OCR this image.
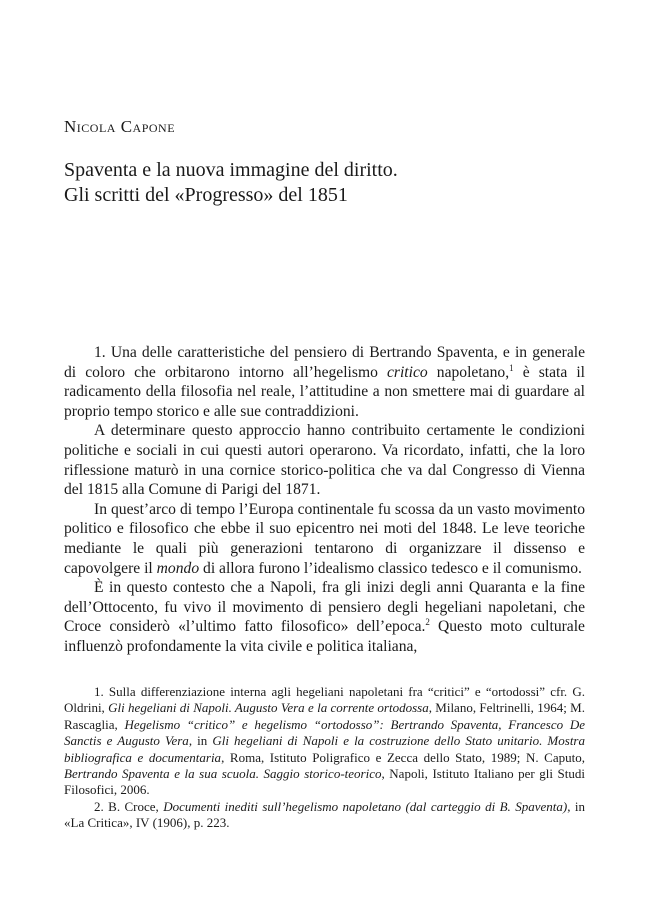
Nicola Capone
Spaventa e la nuova immagine del diritto.
Gli scritti del «Progresso» del 1851

1. Una delle caratteristiche del pensiero di Bertrando Spaventa, e in generale di coloro che orbitarono intorno all’hegelismo critico napoletano,$^1$ è stata il radicamento della filosofia nel reale, l’attitudine a non smettere mai di guardare al proprio tempo storico e alle sue contraddizioni.

A determinare questo approccio hanno contribuito certamente le condizioni politiche e sociali in cui questi autori operarono. Va ricordato, infatti, che la loro riflessione maturò in una cornice storico-politica che va dal Congresso di Vienna del 1815 alla Comune di Parigi del 1871.

In quest’arco di tempo l’Europa continentale fu scossa da un vasto movimento politico e filosofico che ebbe il suo epicentro nei moti del 1848. Le leve teoriche mediante le quali più generazioni tentarono di organizzare il dissenso e capovolgere il mondo di allora furono l’idealismo classico tedesco e il comunismo.

È in questo contesto che a Napoli, fra gli inizi degli anni Quaranta e la fine dell’Ottocento, fu vivo il movimento di pensiero degli hegeliani napoletani, che Croce considerò «l’ultimo fatto filosofico» dell’epoca.$^2$ Questo moto culturale influenzò profondamente la vita civile e politica italiana,

1. Sulla differenziazione interna agli hegeliani napoletani fra “critici” e “ortodossi” cfr. G. Oldrini, Gli hegeliani di Napoli. Augusto Vera e la corrente ortodossa, Milano, Feltrinelli, 1964; M. Rascaglia, Hegelismo “critico” e hegelismo “ortodosso”: Bertrando Spaventa, Francesco De Sanctis e Augusto Vera, in Gli hegeliani di Napoli e la costruzione dello Stato unitario. Mostra bibliografica e documentaria, Roma, Istituto Poligrafico e Zecca dello Stato, 1989; N. Caputo, Bertrando Spaventa e la sua scuola. Saggio storico-teorico, Napoli, Istituto Italiano per gli Studi Filosofici, 2006.

2. B. Croce, Documenti inediti sull’hegelismo napoletano (dal carteggio di B. Spaventa), in «La Critica», IV (1906), p. 223.
